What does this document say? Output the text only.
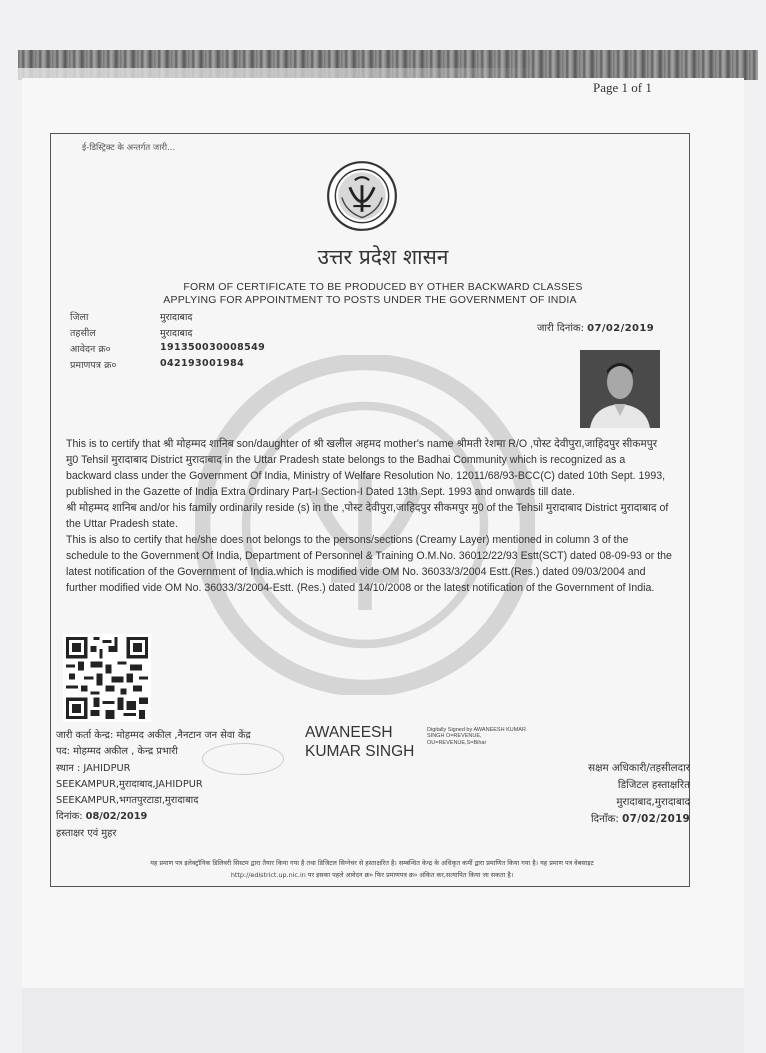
Page 1 of 1
ई-डिस्ट्रिक्ट के अन्तर्गत जारी...
उत्तर प्रदेश शासन
FORM OF CERTIFICATE TO BE PRODUCED BY OTHER BACKWARD CLASSES
APPLYING FOR APPOINTMENT TO POSTS UNDER THE GOVERNMENT OF INDIA
जिला	मुरादाबाद
तहसील	मुरादाबाद
आवेदन क्र०	191350030008549
प्रमाणपत्र क्र०	042193001984
जारी दिनांक: 07/02/2019

This is to certify that श्री मोहम्मद शानिब son/daughter of श्री खलील अहमद mother's name श्रीमती रेशमा R/O ,पोस्ट देवीपुरा,जाहिदपुर सीकमपुर मु0 Tehsil मुरादाबाद District मुरादाबाद in the Uttar Pradesh state belongs to the Badhai Community which is recognized as a backward class under the Government Of India, Ministry of Welfare Resolution No. 12011/68/93-BCC(C) dated 10th Sept. 1993, published in the Gazette of India Extra Ordinary Part-I Section-I Dated 13th Sept. 1993 and onwards till date.

श्री मोहम्मद शानिब and/or his family ordinarily reside (s) in the ,पोस्ट देवीपुरा,जाहिदपुर सीकमपुर मु0 of the Tehsil मुरादाबाद District मुरादाबाद of the Uttar Pradesh state.

This is also to certify that he/she does not belongs to the persons/sections (Creamy Layer) mentioned in column 3 of the schedule to the Government Of India, Department of Personnel & Training O.M.No. 36012/22/93 Estt(SCT) dated 08-09-93 or the latest notification of the Government of India.which is modified vide OM No. 36033/3/2004 Estt.(Res.) dated 09/03/2004 and further modified vide OM No. 36033/3/2004-Estt. (Res.) dated 14/10/2008 or the latest notification of the Government of India.

जारी कर्ता केन्द्र: मोहम्मद अकील ,नैनटान जन सेवा केंद्र
पद: मोहम्मद अकील , केन्द्र प्रभारी
स्थान : JAHIDPUR
SEEKAMPUR,मुरादाबाद,JAHIDPUR
SEEKAMPUR,भगतपुरटाडा,मुरादाबाद
दिनांक: 08/02/2019
हस्ताक्षर एवं मुहर
AWANEESH
KUMAR SINGH
Digitally Signed by AWANEESH KUMAR
SINGH O=REVENUE,
OU=REVENUE,S=Bihar
सक्षम अधिकारी/तहसीलदार
डिजिटल हस्ताक्षरित
मुरादाबाद,मुरादाबाद
दिनाँक: 07/02/2019
यह प्रमाण पत्र इलेक्ट्रॉनिक डिलिवरी सिस्टम द्वारा तैयार किया गया है तथा डिजिटल सिग्नेचर से हस्ताक्षरित है। सम्बन्धित केन्द्र के अधिकृत कर्मी द्वारा प्रमाणित किया गया है। यह प्रमाण पत्र वेबसाइट
http://edistrict.up.nic.in पर इसका पहले आवेदन क्र० फिर प्रमाणपत्र क्र० अंकित कर,सत्यापित किया जा सकता है।
